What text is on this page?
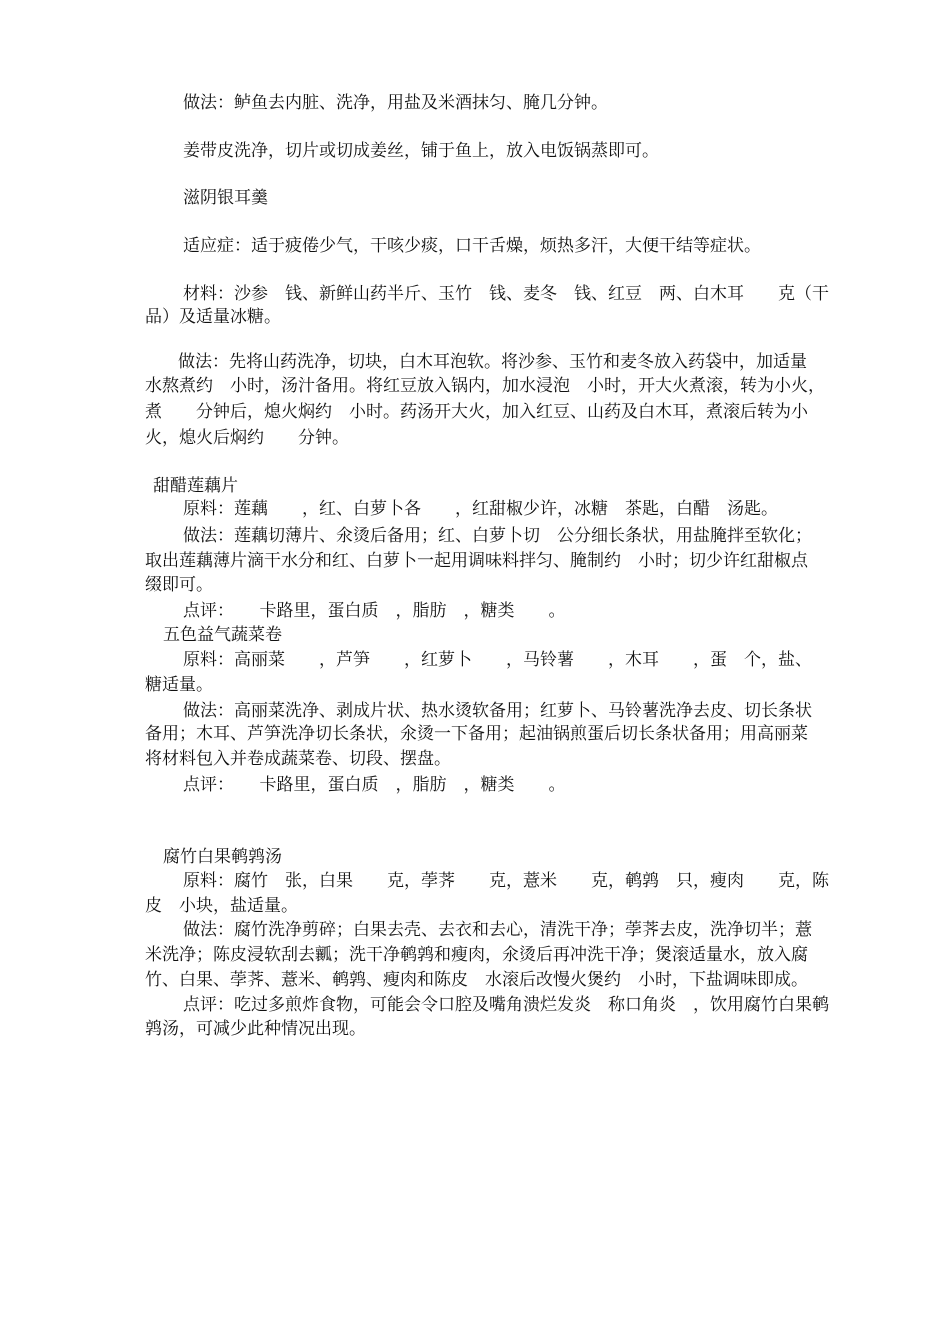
做法：鲈鱼去内脏、洗净，用盐及米酒抹匀、腌几分钟。
姜带皮洗净，切片或切成姜丝，铺于鱼上，放入电饭锅蒸即可。
滋阴银耳羹
适应症：适于疲倦少气，干咳少痰，口干舌燥，烦热多汗，大便干结等症状。
材料：沙参　钱、新鲜山药半斤、玉竹　钱、麦冬　钱、红豆　两、白木耳　　克（干
品）及适量冰糖。
做法：先将山药洗净，切块，白木耳泡软。将沙参、玉竹和麦冬放入药袋中，加适量
水熬煮约　小时，汤汁备用。将红豆放入锅内，加水浸泡　小时，开大火煮滚，转为小火，
煮　　分钟后，熄火焖约　小时。药汤开大火，加入红豆、山药及白木耳，煮滚后转为小
火，熄火后焖约　　分钟。
甜醋莲藕片
原料：莲藕　　，红、白萝卜各　　，红甜椒少许，冰糖　茶匙，白醋　汤匙。
做法：莲藕切薄片、氽烫后备用；红、白萝卜切　公分细长条状，用盐腌拌至软化；
取出莲藕薄片滴干水分和红、白萝卜一起用调味料拌匀、腌制约　小时；切少许红甜椒点
缀即可。
点评：　　卡路里，蛋白质　，脂肪　，糖类　　。
五色益气蔬菜卷
原料：高丽菜　　，芦笋　　，红萝卜　　，马铃薯　　，木耳　　，蛋　个，盐、
糖适量。
做法：高丽菜洗净、剥成片状、热水烫软备用；红萝卜、马铃薯洗净去皮、切长条状
备用；木耳、芦笋洗净切长条状，氽烫一下备用；起油锅煎蛋后切长条状备用；用高丽菜
将材料包入并卷成蔬菜卷、切段、摆盘。
点评：　　卡路里，蛋白质　，脂肪　，糖类　　。
腐竹白果鹌鹑汤
原料：腐竹　张，白果　　克，荸荠　　克，薏米　　克，鹌鹑　只，瘦肉　　克，陈
皮　小块，盐适量。
做法：腐竹洗净剪碎；白果去壳、去衣和去心，清洗干净；荸荠去皮，洗净切半；薏
米洗净；陈皮浸软刮去瓤；洗干净鹌鹑和瘦肉，氽烫后再冲洗干净；煲滚适量水，放入腐
竹、白果、荸荠、薏米、鹌鹑、瘦肉和陈皮　水滚后改慢火煲约　小时，下盐调味即成。
点评：吃过多煎炸食物，可能会令口腔及嘴角溃烂发炎　称口角炎　，饮用腐竹白果鹌
鹑汤，可减少此种情况出现。
